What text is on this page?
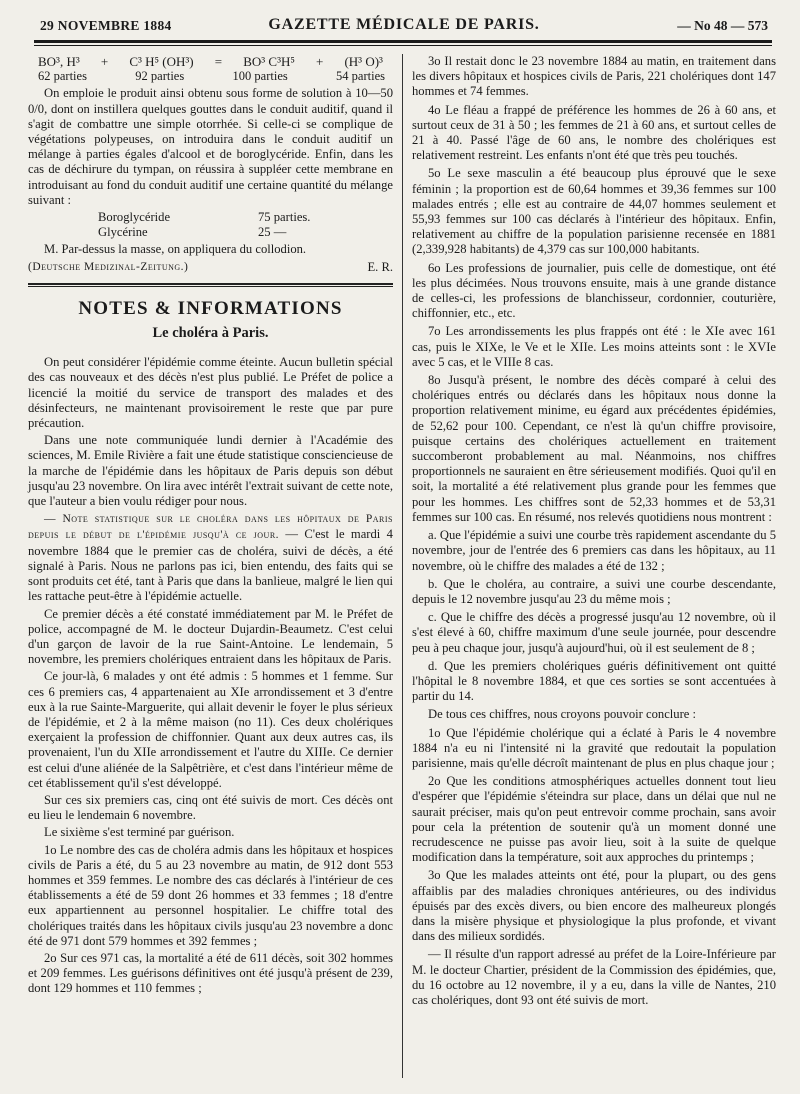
29 NOVEMBRE 1884	GAZETTE MÉDICALE DE PARIS.	— No 48 — 573
BO³, H³ + C³ H⁵ (OH³) = BO³ C³H⁵ + (H³ O)³
62 parties	92 parties	100 parties	54 parties

On emploie le produit ainsi obtenu sous forme de solution à 10—50 0/0, dont on instillera quelques gouttes dans le conduit auditif, quand il s'agit de combattre une simple otorrhée. Si celle-ci se complique de végétations polypeuses, on introduira dans le conduit auditif un mélange à parties égales d'alcool et de boroglycéride. Enfin, dans les cas de déchirure du tympan, on réussira à suppléer cette membrane en introduisant au fond du conduit auditif une certaine quantité du mélange suivant :

Boroglycéride	75 parties.
Glycérine	25 —

M. Par-dessus la masse, on appliquera du collodion.

(Deutsche Medizinal-Zeitung.)	E. R.
NOTES & INFORMATIONS
Le choléra à Paris.

On peut considérer l'épidémie comme éteinte. Aucun bulletin spécial des cas nouveaux et des décès n'est plus publié. Le Préfet de police a licencié la moitié du service de transport des malades et des désinfecteurs, ne maintenant provisoirement le reste que par pure précaution.

Dans une note communiquée lundi dernier à l'Académie des sciences, M. Emile Rivière a fait une étude statistique consciencieuse de la marche de l'épidémie dans les hôpitaux de Paris depuis son début jusqu'au 23 novembre. On lira avec intérêt l'extrait suivant de cette note, que l'auteur a bien voulu rédiger pour nous.

— Note statistique sur le choléra dans les hôpitaux de Paris depuis le début de l'épidémie jusqu'à ce jour. — C'est le mardi 4 novembre 1884 que le premier cas de choléra, suivi de décès, a été signalé à Paris. Nous ne parlons pas ici, bien entendu, des faits qui se sont produits cet été, tant à Paris que dans la banlieue, malgré le lien qui les rattache peut-être à l'épidémie actuelle.

Ce premier décès a été constaté immédiatement par M. le Préfet de police, accompagné de M. le docteur Dujardin-Beaumetz. C'est celui d'un garçon de lavoir de la rue Saint-Antoine. Le lendemain, 5 novembre, les premiers cholériques entraient dans les hôpitaux de Paris.

Ce jour-là, 6 malades y ont été admis : 5 hommes et 1 femme. Sur ces 6 premiers cas, 4 appartenaient au XIe arrondissement et 3 d'entre eux à la rue Sainte-Marguerite, qui allait devenir le foyer le plus sérieux de l'épidémie, et 2 à la même maison (no 11). Ces deux cholériques exerçaient la profession de chiffonnier. Quant aux deux autres cas, ils provenaient, l'un du XIIe arrondissement et l'autre du XIIIe. Ce dernier est celui d'une aliénée de la Salpêtrière, et c'est dans l'intérieur même de cet établissement qu'il s'est développé.

Sur ces six premiers cas, cinq ont été suivis de mort. Ces décès ont eu lieu le lendemain 6 novembre.

Le sixième s'est terminé par guérison.

1o Le nombre des cas de choléra admis dans les hôpitaux et hospices civils de Paris a été, du 5 au 23 novembre au matin, de 912 dont 553 hommes et 359 femmes. Le nombre des cas déclarés à l'intérieur de ces établissements a été de 59 dont 26 hommes et 33 femmes ; 18 d'entre eux appartiennent au personnel hospitalier. Le chiffre total des cholériques traités dans les hôpitaux civils jusqu'au 23 novembre a donc été de 971 dont 579 hommes et 392 femmes ;

2o Sur ces 971 cas, la mortalité a été de 611 décès, soit 302 hommes et 209 femmes. Les guérisons définitives ont été jusqu'à présent de 239, dont 129 hommes et 110 femmes ;

3o Il restait donc le 23 novembre 1884 au matin, en traitement dans les divers hôpitaux et hospices civils de Paris, 221 cholériques dont 147 hommes et 74 femmes.

4o Le fléau a frappé de préférence les hommes de 26 à 60 ans, et surtout ceux de 31 à 50 ; les femmes de 21 à 60 ans, et surtout celles de 21 à 40. Passé l'âge de 60 ans, le nombre des cholériques est relativement restreint. Les enfants n'ont été que très peu touchés.

5o Le sexe masculin a été beaucoup plus éprouvé que le sexe féminin ; la proportion est de 60,64 hommes et 39,36 femmes sur 100 malades entrés ; elle est au contraire de 44,07 hommes seulement et 55,93 femmes sur 100 cas déclarés à l'intérieur des hôpitaux. Enfin, relativement au chiffre de la population parisienne recensée en 1881 (2,339,928 habitants) de 4,379 cas sur 100,000 habitants.

6o Les professions de journalier, puis celle de domestique, ont été les plus décimées. Nous trouvons ensuite, mais à une grande distance de celles-ci, les professions de blanchisseur, cordonnier, couturière, chiffonnier, etc., etc.

7o Les arrondissements les plus frappés ont été : le XIe avec 161 cas, puis le XIXe, le Ve et le XIIe. Les moins atteints sont : le XVIe avec 5 cas, et le VIIIe 8 cas.

8o Jusqu'à présent, le nombre des décès comparé à celui des cholériques entrés ou déclarés dans les hôpitaux nous donne la proportion relativement minime, eu égard aux précédentes épidémies, de 52,62 pour 100. Cependant, ce n'est là qu'un chiffre provisoire, puisque certains des cholériques actuellement en traitement succomberont probablement au mal. Néanmoins, nos chiffres proportionnels ne sauraient en être sérieusement modifiés. Quoi qu'il en soit, la mortalité a été relativement plus grande pour les femmes que pour les hommes. Les chiffres sont de 52,33 hommes et de 53,31 femmes sur 100 cas. En résumé, nos relevés quotidiens nous montrent :

a. Que l'épidémie a suivi une courbe très rapidement ascendante du 5 novembre, jour de l'entrée des 6 premiers cas dans les hôpitaux, au 11 novembre, où le chiffre des malades a été de 132 ;

b. Que le choléra, au contraire, a suivi une courbe descendante, depuis le 12 novembre jusqu'au 23 du même mois ;

c. Que le chiffre des décès a progressé jusqu'au 12 novembre, où il s'est élevé à 60, chiffre maximum d'une seule journée, pour descendre peu à peu chaque jour, jusqu'à aujourd'hui, où il est seulement de 8 ;

d. Que les premiers cholériques guéris définitivement ont quitté l'hôpital le 8 novembre 1884, et que ces sorties se sont accentuées à partir du 14.

De tous ces chiffres, nous croyons pouvoir conclure :

1o Que l'épidémie cholérique qui a éclaté à Paris le 4 novembre 1884 n'a eu ni l'intensité ni la gravité que redoutait la population parisienne, mais qu'elle décroît maintenant de plus en plus chaque jour ;

2o Que les conditions atmosphériques actuelles donnent tout lieu d'espérer que l'épidémie s'éteindra sur place, dans un délai que nul ne saurait préciser, mais qu'on peut entrevoir comme prochain, sans avoir pour cela la prétention de soutenir qu'à un moment donné une recrudescence ne puisse pas avoir lieu, soit à la suite de quelque modification dans la température, soit aux approches du printemps ;

3o Que les malades atteints ont été, pour la plupart, ou des gens affaiblis par des maladies chroniques antérieures, ou des individus épuisés par des excès divers, ou bien encore des malheureux plongés dans la misère physique et physiologique la plus profonde, et vivant dans des milieux sordidés.

— Il résulte d'un rapport adressé au préfet de la Loire-Inférieure par M. le docteur Chartier, président de la Commission des épidémies, que, du 16 octobre au 12 novembre, il y a eu, dans la ville de Nantes, 210 cas cholériques, dont 93 ont été suivis de mort.
